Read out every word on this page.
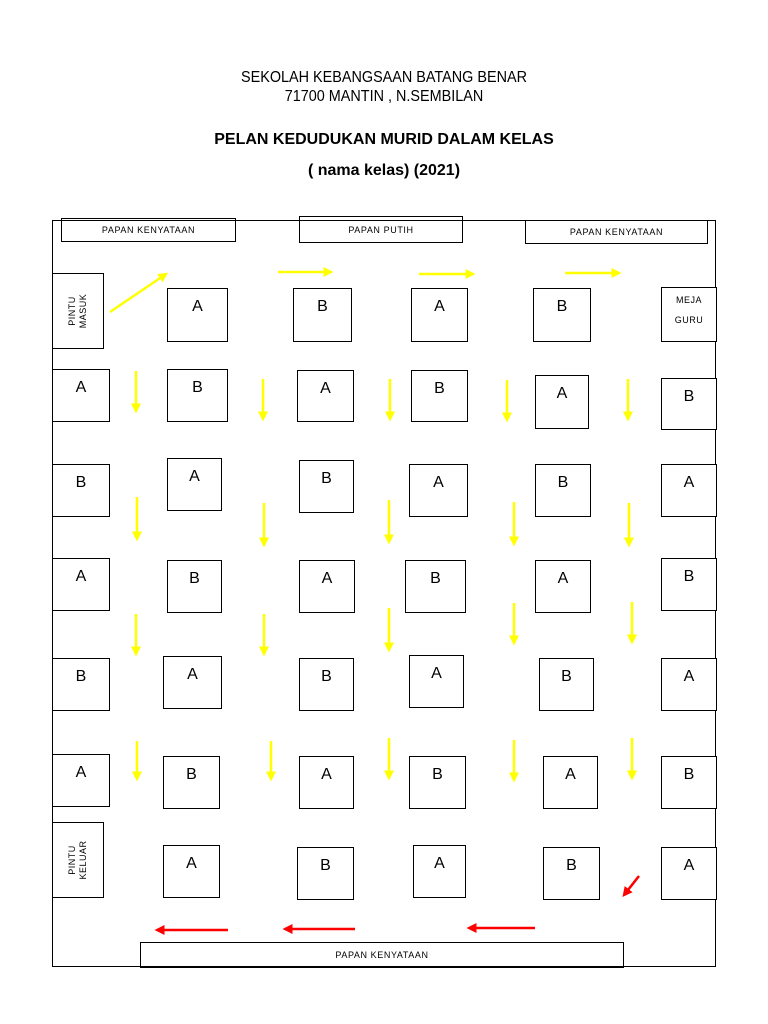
SEKOLAH KEBANGSAAN BATANG BENAR
71700 MANTIN , N.SEMBILAN
PELAN KEDUDUKAN MURID DALAM KELAS
( nama kelas) (2021)
PAPAN KENYATAAN	PAPAN PUTIH	PAPAN KENYATAAN
PAPAN KENYATAAN
PINTU
MASUK
PINTU
KELUAR
MEJA
GURU
A	B	A	B
A	B	A	B	A	B
B	A	B	A	B	A
A	B	A	B	A	B
B	A	B	A	B	A
A	B	A	B	A	B
A	B	A	B	A
